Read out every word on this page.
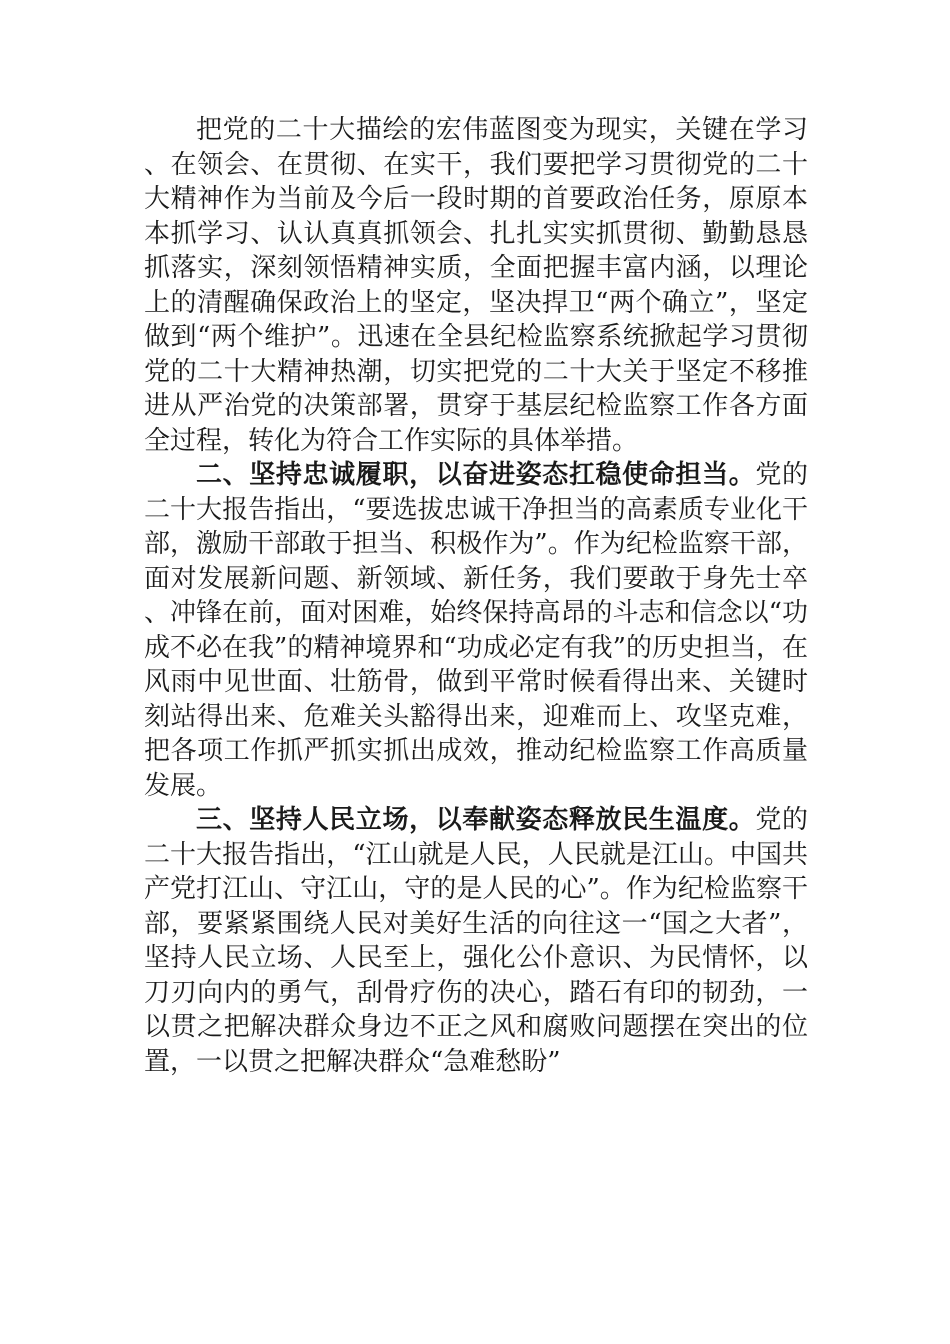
把党的二十大描绘的宏伟蓝图变为现实，关键在学习、在领会、在贯彻、在实干，我们要把学习贯彻党的二十大精神作为当前及今后一段时期的首要政治任务，原原本本抓学习、认认真真抓领会、扎扎实实抓贯彻、勤勤恳恳抓落实，深刻领悟精神实质，全面把握丰富内涵，以理论上的清醒确保政治上的坚定，坚决捍卫“两个确立”，坚定做到“两个维护”。迅速在全县纪检监察系统掀起学习贯彻党的二十大精神热潮，切实把党的二十大关于坚定不移推进从严治党的决策部署，贯穿于基层纪检监察工作各方面全过程，转化为符合工作实际的具体举措。

二、坚持忠诚履职，以奋进姿态扛稳使命担当。党的二十大报告指出，“要选拔忠诚干净担当的高素质专业化干部，激励干部敢于担当、积极作为”。作为纪检监察干部，面对发展新问题、新领域、新任务，我们要敢于身先士卒、冲锋在前，面对困难，始终保持高昂的斗志和信念以“功成不必在我”的精神境界和“功成必定有我”的历史担当，在风雨中见世面、壮筋骨，做到平常时候看得出来、关键时刻站得出来、危难关头豁得出来，迎难而上、攻坚克难，把各项工作抓严抓实抓出成效，推动纪检监察工作高质量发展。

三、坚持人民立场，以奉献姿态释放民生温度。党的二十大报告指出，“江山就是人民，人民就是江山。中国共产党打江山、守江山，守的是人民的心”。作为纪检监察干部，要紧紧围绕人民对美好生活的向往这一“国之大者”，坚持人民立场、人民至上，强化公仆意识、为民情怀，以刀刃向内的勇气，刮骨疗伤的决心，踏石有印的韧劲，一以贯之把解决群众身边不正之风和腐败问题摆在突出的位置，一以贯之把解决群众“急难愁盼”
